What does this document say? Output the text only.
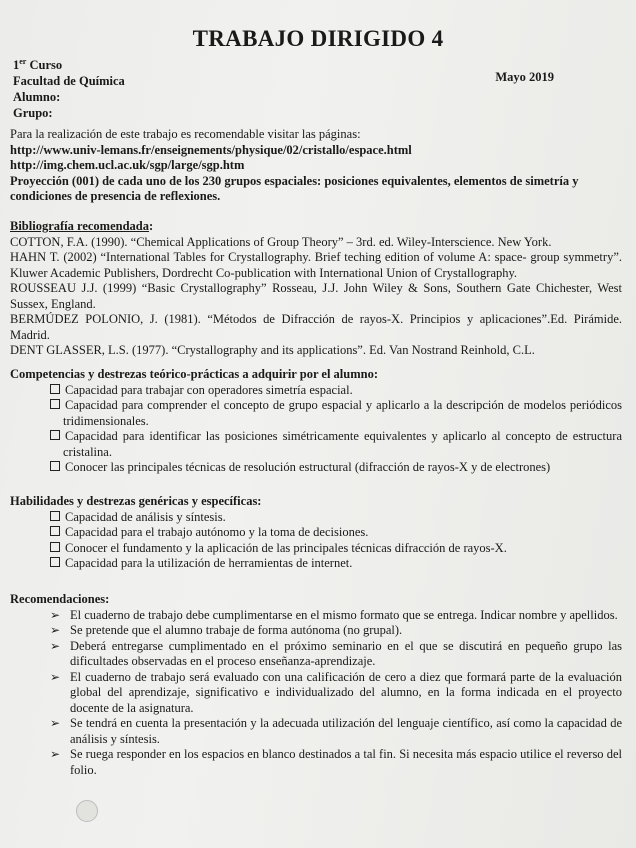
TRABAJO DIRIGIDO 4
1er Curso
Facultad de Química
Alumno:
Grupo:
Mayo 2019
Para la realización de este trabajo es recomendable visitar las páginas:
http://www.univ-lemans.fr/enseignements/physique/02/cristallo/espace.html
http://img.chem.ucl.ac.uk/sgp/large/sgp.htm
Proyección (001) de cada uno de los 230 grupos espaciales: posiciones equivalentes, elementos de simetría y condiciones de presencia de reflexiones.
Bibliografía recomendada:
COTTON, F.A. (1990). “Chemical Applications of Group Theory” – 3rd. ed. Wiley-Interscience. New York.
HAHN T. (2002) “International Tables for Crystallography. Brief teching edition of volume A: space- group symmetry”. Kluwer Academic Publishers, Dordrecht Co-publication with International Union of Crystallography.
ROUSSEAU J.J. (1999) “Basic Crystallography” Rosseau, J.J. John Wiley & Sons, Southern Gate Chichester, West Sussex, England.
BERMÚDEZ POLONIO, J. (1981). “Métodos de Difracción de rayos-X. Principios y aplicaciones”.Ed. Pirámide. Madrid.
DENT GLASSER, L.S. (1977). “Crystallography and its applications”. Ed. Van Nostrand Reinhold, C.L.
Competencias y destrezas teórico-prácticas a adquirir por el alumno:
Capacidad para trabajar con operadores simetría espacial.
Capacidad para comprender el concepto de grupo espacial y aplicarlo a la descripción de modelos periódicos tridimensionales.
Capacidad para identificar las posiciones simétricamente equivalentes y aplicarlo al concepto de estructura cristalina.
Conocer las principales técnicas de resolución estructural (difracción de rayos-X y de electrones)
Habilidades y destrezas genéricas y específicas:
Capacidad de análisis y síntesis.
Capacidad para el trabajo autónomo y la toma de decisiones.
Conocer el fundamento y la aplicación de las principales técnicas difracción de rayos-X.
Capacidad para la utilización de herramientas de internet.
Recomendaciones:
➢ El cuaderno de trabajo debe cumplimentarse en el mismo formato que se entrega. Indicar nombre y apellidos.
➢ Se pretende que el alumno trabaje de forma autónoma (no grupal).
➢ Deberá entregarse cumplimentado en el próximo seminario en el que se discutirá en pequeño grupo las dificultades observadas en el proceso enseñanza-aprendizaje.
➢ El cuaderno de trabajo será evaluado con una calificación de cero a diez que formará parte de la evaluación global del aprendizaje, significativo e individualizado del alumno, en la forma indicada en el proyecto docente de la asignatura.
➢ Se tendrá en cuenta la presentación y la adecuada utilización del lenguaje científico, así como la capacidad de análisis y síntesis.
➢ Se ruega responder en los espacios en blanco destinados a tal fin. Si necesita más espacio utilice el reverso del folio.
